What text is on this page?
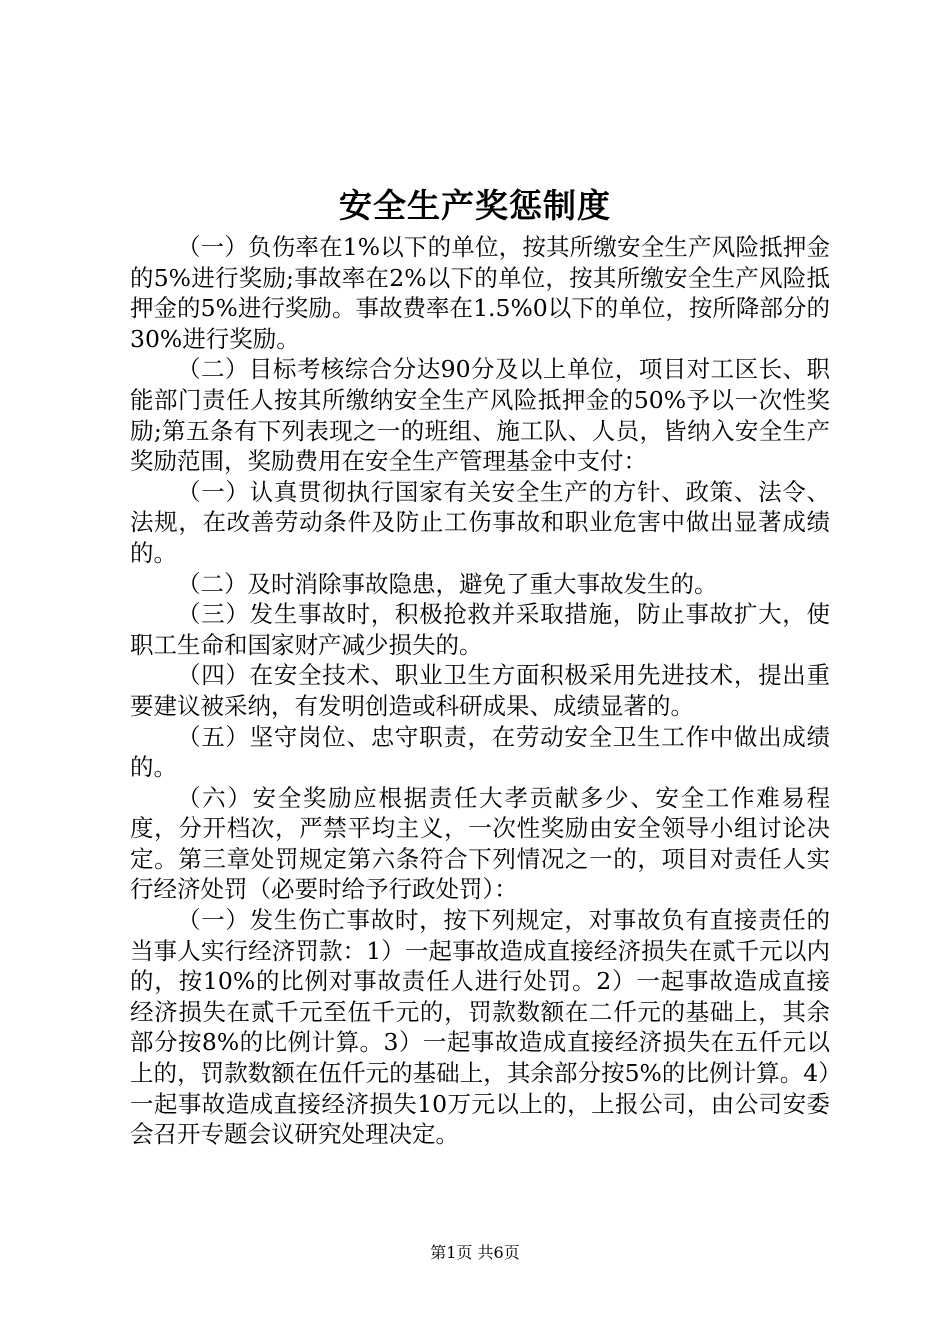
安全生产奖惩制度

（一）负伤率在1%以下的单位，按其所缴安全生产风险抵押金的5%进行奖励;事故率在2%以下的单位，按其所缴安全生产风险抵押金的5%进行奖励。事故费率在1.5%0以下的单位，按所降部分的30%进行奖励。

（二）目标考核综合分达90分及以上单位，项目对工区长、职能部门责任人按其所缴纳安全生产风险抵押金的50%予以一次性奖励;第五条有下列表现之一的班组、施工队、人员，皆纳入安全生产奖励范围，奖励费用在安全生产管理基金中支付：

（一）认真贯彻执行国家有关安全生产的方针、政策、法令、法规，在改善劳动条件及防止工伤事故和职业危害中做出显著成绩的。

（二）及时消除事故隐患，避免了重大事故发生的。

（三）发生事故时，积极抢救并采取措施，防止事故扩大，使职工生命和国家财产减少损失的。

（四）在安全技术、职业卫生方面积极采用先进技术，提出重要建议被采纳，有发明创造或科研成果、成绩显著的。

（五）坚守岗位、忠守职责，在劳动安全卫生工作中做出成绩的。

（六）安全奖励应根据责任大孝贡献多少、安全工作难易程度，分开档次，严禁平均主义，一次性奖励由安全领导小组讨论决定。第三章处罚规定第六条符合下列情况之一的，项目对责任人实行经济处罚（必要时给予行政处罚）：

（一）发生伤亡事故时，按下列规定，对事故负有直接责任的当事人实行经济罚款：1）一起事故造成直接经济损失在贰千元以内的，按10%的比例对事故责任人进行处罚。2）一起事故造成直接经济损失在贰千元至伍千元的，罚款数额在二仟元的基础上，其余部分按8%的比例计算。3）一起事故造成直接经济损失在五仟元以上的，罚款数额在伍仟元的基础上，其余部分按5%的比例计算。4）一起事故造成直接经济损失10万元以上的，上报公司，由公司安委会召开专题会议研究处理决定。

第1页 共6页
